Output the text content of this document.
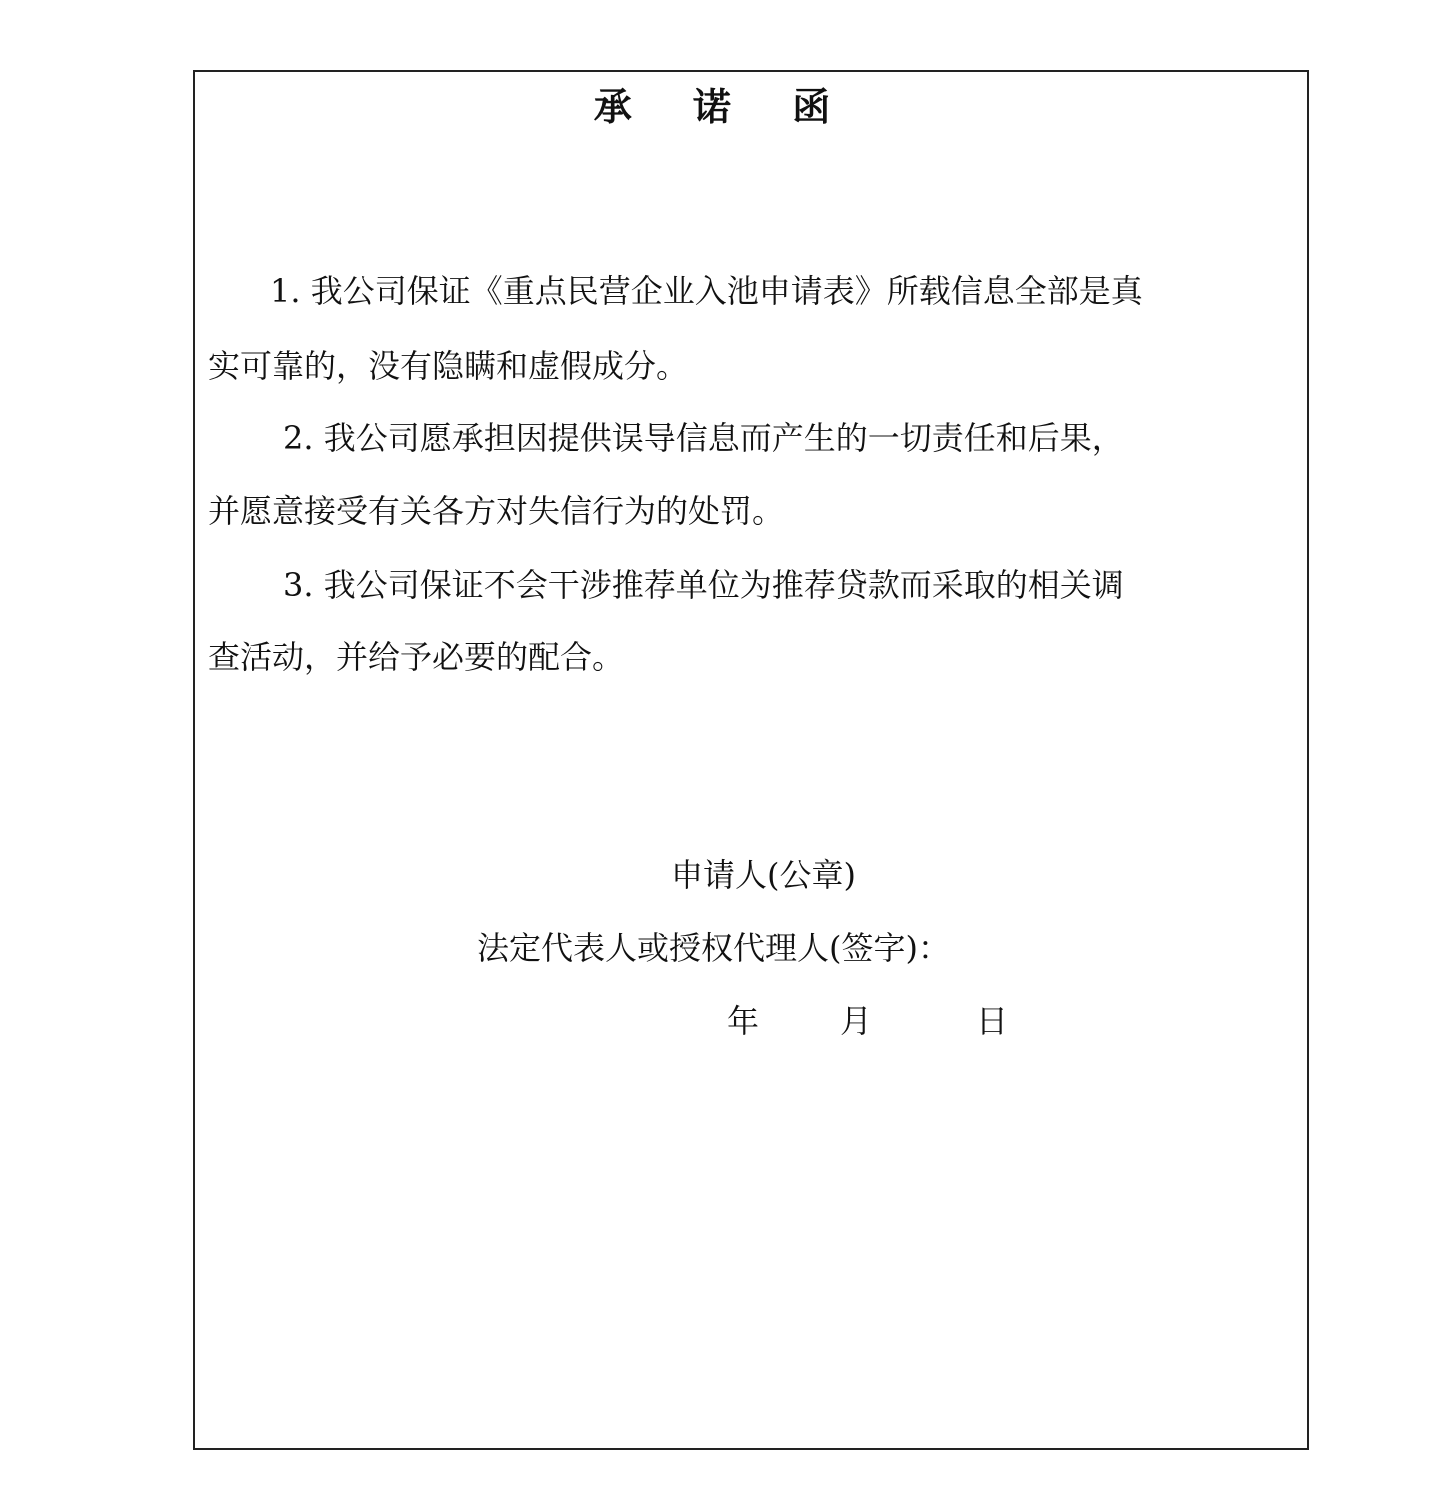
承 诺 函

1. 我公司保证《重点民营企业入池申请表》所载信息全部是真

实可靠的，没有隐瞒和虚假成分。

2. 我公司愿承担因提供误导信息而产生的一切责任和后果，

并愿意接受有关各方对失信行为的处罚。

3. 我公司保证不会干涉推荐单位为推荐贷款而采取的相关调

查活动，并给予必要的配合。

申请人(公章)

法定代表人或授权代理人(签字)：

年	月	日
